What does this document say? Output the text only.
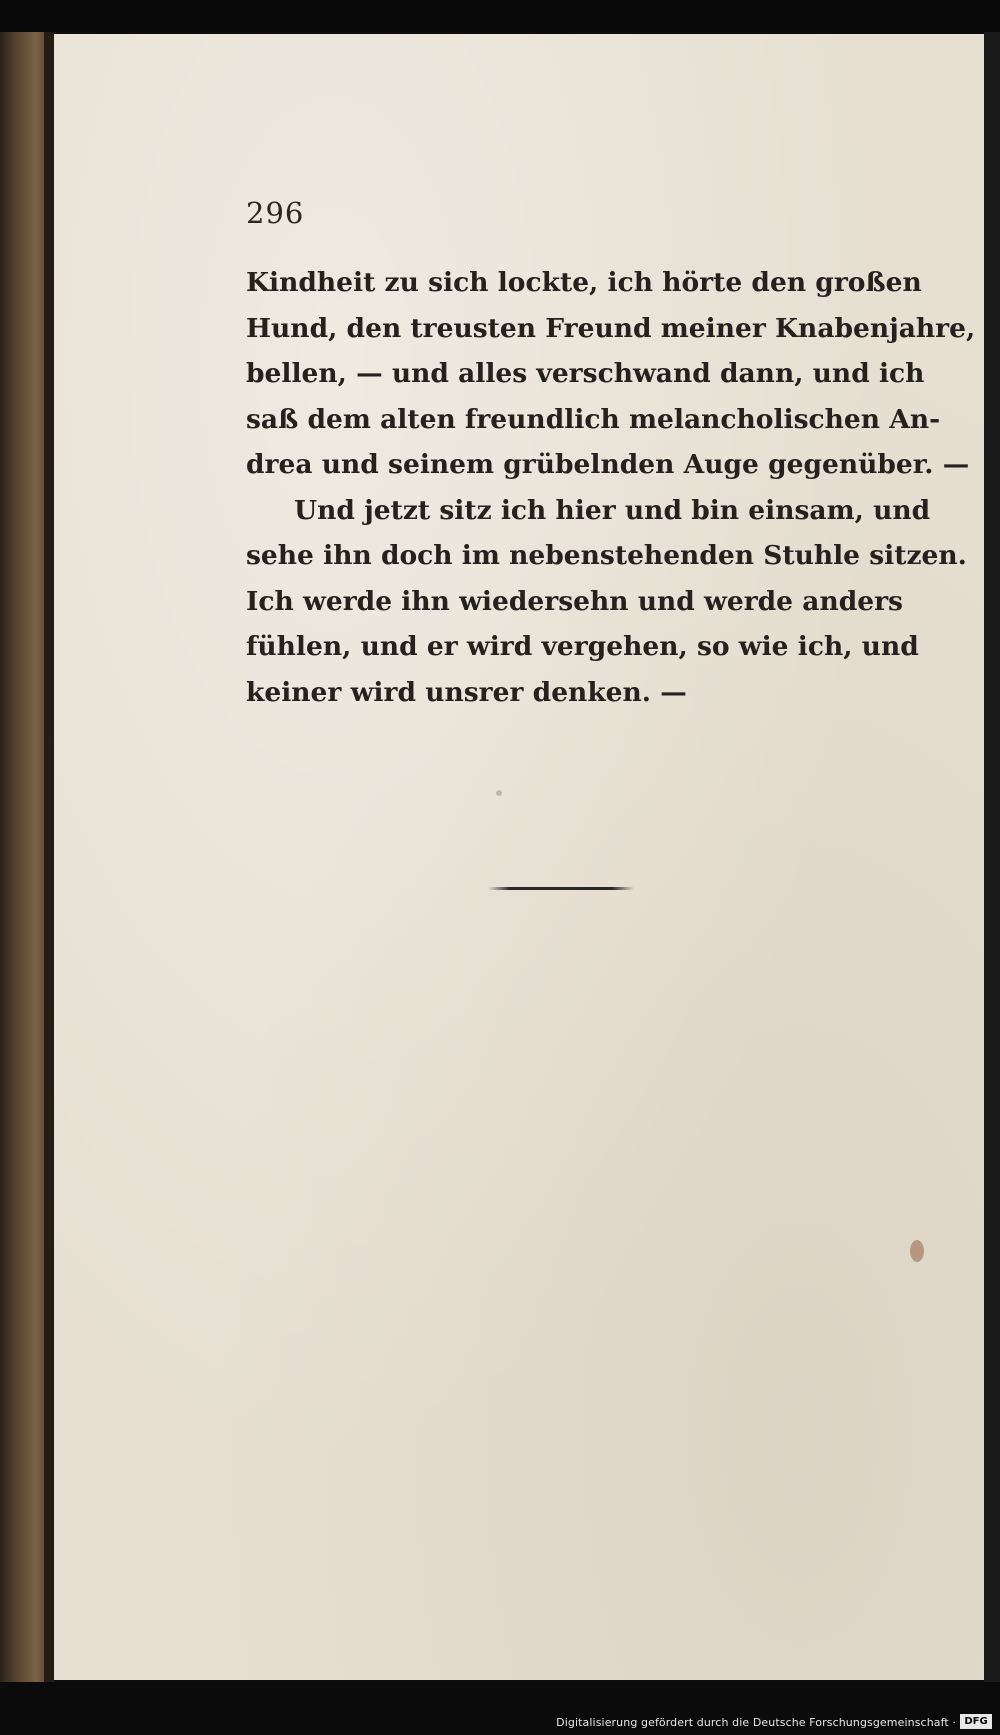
296
Kindheit zu sich lockte, ich hörte den großen
Hund, den treusten Freund meiner Knabenjahre,
bellen, — und alles verschwand dann, und ich
saß dem alten freundlich melancholischen An-
drea und seinem grübelnden Auge gegenüber. —
Und jetzt sitz ich hier und bin einsam, und
sehe ihn doch im nebenstehenden Stuhle sitzen.
Ich werde ihn wiedersehn und werde anders
fühlen, und er wird vergehen, so wie ich, und
keiner wird unsrer denken. —
Digitalisierung gefördert durch die Deutsche Forschungsgemeinschaft · DFG
